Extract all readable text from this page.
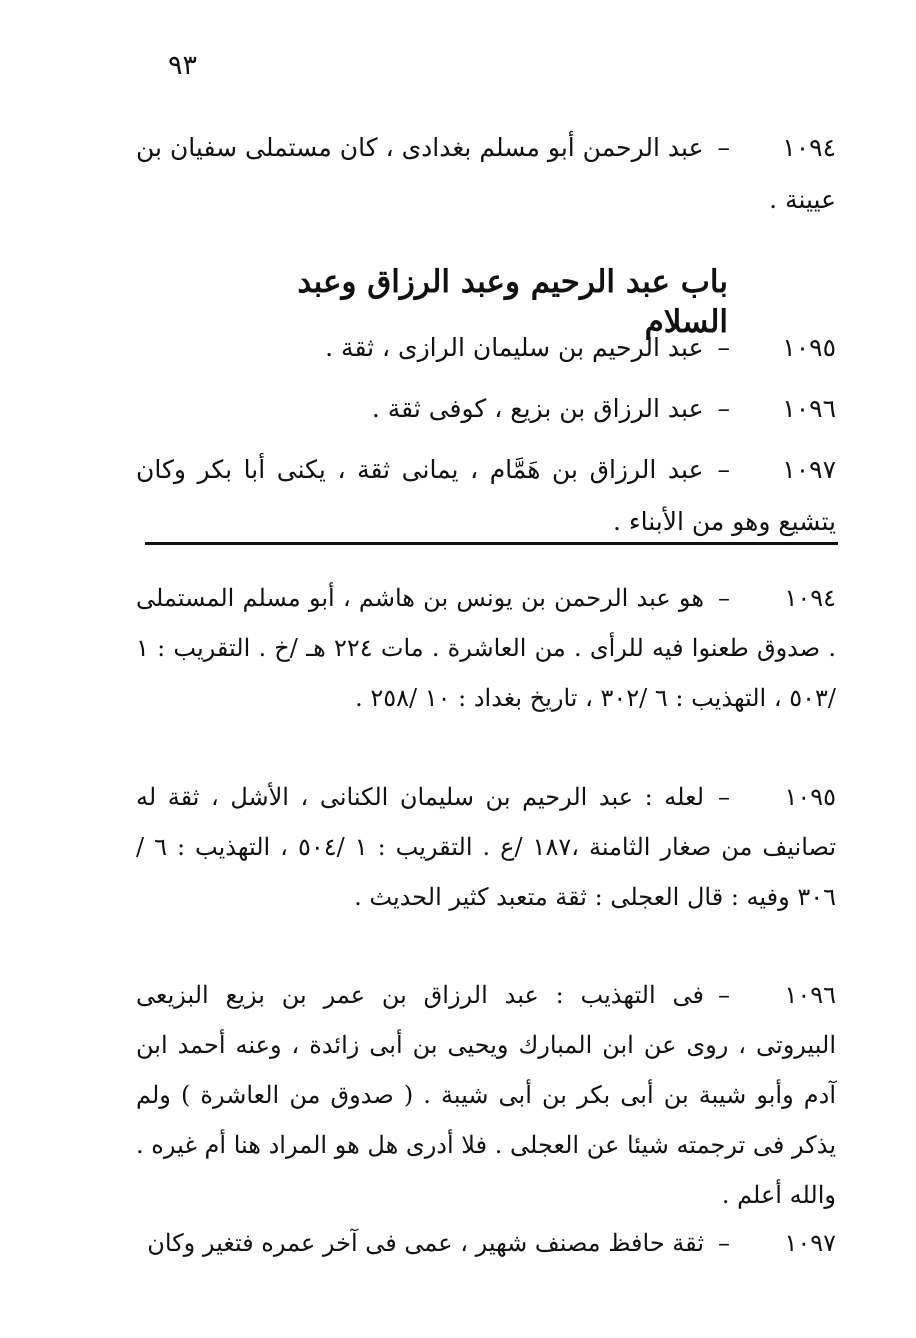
٩٣

١٠٩٤–عبد الرحمن أبو مسلم بغدادى ، كان مستملى سفيان بن عيينة .

باب عبد الرحيم وعبد الرزاق وعبد السلام

١٠٩٥–عبد الرحيم بن سليمان الرازى ، ثقة .

١٠٩٦–عبد الرزاق بن بزيع ، كوفى ثقة .

١٠٩٧–عبد الرزاق بن هَمَّام ، يمانى ثقة ، يكنى أبا بكر وكان يتشيع وهو من الأبناء .

١٠٩٤–هو عبد الرحمن بن يونس بن هاشم ، أبو مسلم المستملى . صدوق طعنوا فيه للرأى . من العاشرة . مات ٢٢٤ هـ /خ . التقريب : ١ /٥٠٣ ، التهذيب : ٦ /٣٠٢ ، تاريخ بغداد : ١٠ /٢٥٨ .

١٠٩٥–لعله : عبد الرحيم بن سليمان الكنانى ، الأشل ، ثقة له تصانيف من صغار الثامنة ،١٨٧ /ع . التقريب : ١ /٥٠٤ ، التهذيب : ٦ /٣٠٦ وفيه : قال العجلى : ثقة متعبد كثير الحديث .

١٠٩٦–فى التهذيب : عبد الرزاق بن عمر بن بزيع البزيعى البيروتى ، روى عن ابن المبارك ويحيى بن أبى زائدة ، وعنه أحمد ابن آدم وأبو شيبة بن أبى بكر بن أبى شيبة . ( صدوق من العاشرة ) ولم يذكر فى ترجمته شيئا عن العجلى . فلا أدرى هل هو المراد هنا أم غيره . والله أعلم .

١٠٩٧–ثقة حافظ مصنف شهير ، عمى فى آخر عمره فتغير وكان
